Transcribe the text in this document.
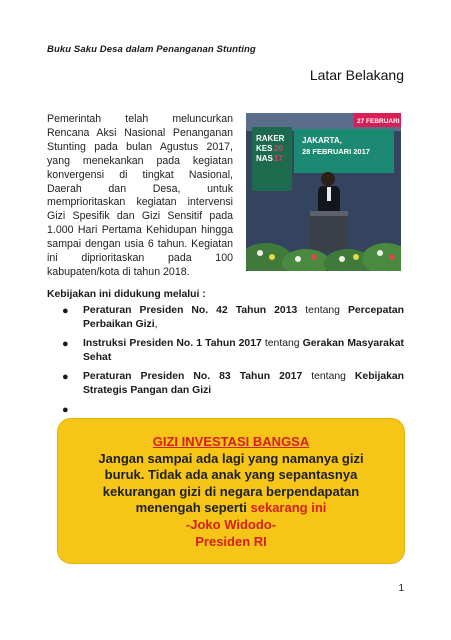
Buku Saku Desa dalam Penanganan Stunting
Latar Belakang
Pemerintah telah meluncurkan Rencana Aksi Nasional Penanganan Stunting pada bulan Agustus 2017, yang menekankan pada kegiatan konvergensi di tingkat Nasional, Daerah dan Desa, untuk memprioritaskan kegiatan intervensi Gizi Spesifik dan Gizi Sensitif pada 1.000 Hari Pertama Kehidupan hingga sampai dengan usia 6 tahun. Kegiatan ini diprioritaskan pada 100 kabupaten/kota di tahun 2018.
RAKER
KES 20
NAS 17
JAKARTA,
28 FEBRUARI 2017
27 FEBRUARI
Kebijakan ini didukung melalui :
● Peraturan Presiden No. 42 Tahun 2013 tentang Percepatan Perbaikan Gizi,
● Instruksi Presiden No. 1 Tahun 2017 tentang Gerakan Masyarakat Sehat
● Peraturan Presiden No. 83 Tahun 2017 tentang Kebijakan Strategis Pangan dan Gizi
●

GIZI INVESTASI BANGSA
Jangan sampai ada lagi yang namanya gizi
buruk. Tidak ada anak yang sepantasnya
kekurangan gizi di negara berpendapatan
menengah seperti sekarang ini
-Joko Widodo-
Presiden RI
1
